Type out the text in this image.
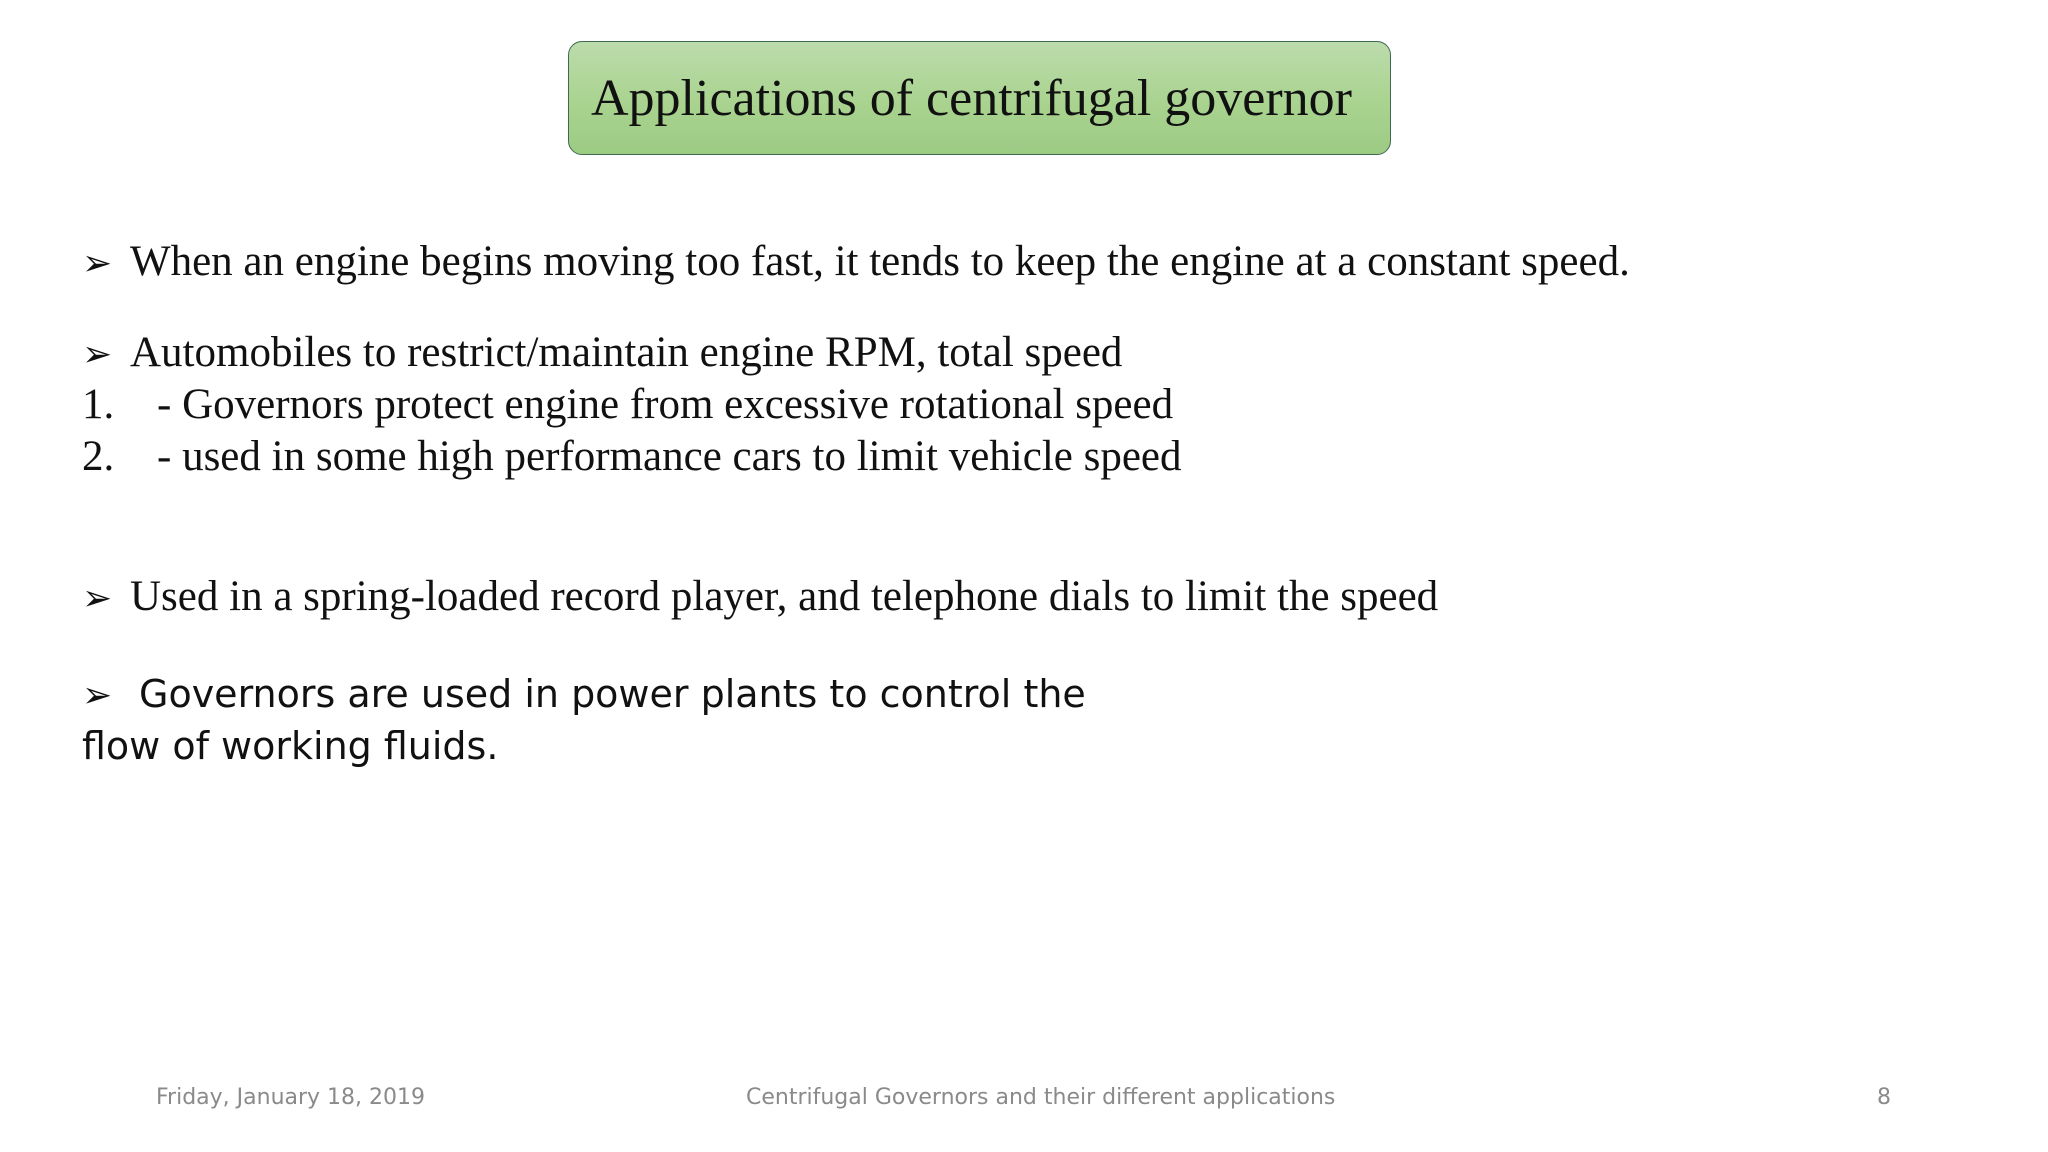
Applications of centrifugal governor
➢ When an engine begins moving too fast, it tends to keep the engine at a constant speed.
➢ Automobiles to restrict/maintain engine RPM, total speed
1. - Governors protect engine from excessive rotational speed
2. - used in some high performance cars to limit vehicle speed
➢ Used in a spring-loaded record player, and telephone dials to limit the speed
➢ Governors are used in power plants to control the
flow of working fluids.
Friday, January 18, 2019	Centrifugal Governors and their different applications	8
